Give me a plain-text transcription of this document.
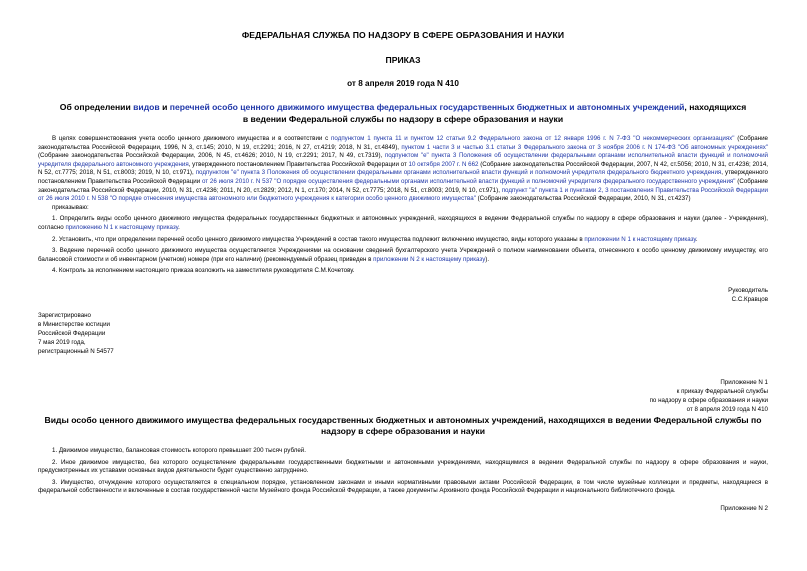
ФЕДЕРАЛЬНАЯ СЛУЖБА ПО НАДЗОРУ В СФЕРЕ ОБРАЗОВАНИЯ И НАУКИ
ПРИКАЗ
от 8 апреля 2019 года N 410
Об определении видов и перечней особо ценного движимого имущества федеральных государственных бюджетных и автономных учреждений, находящихся в ведении Федеральной службы по надзору в сфере образования и науки

В целях совершенствования учета особо ценного движимого имущества и в соответствии с подпунктом 1 пункта 11 и пунктом 12 статьи 9.2 Федерального закона от 12 января 1996 г. N 7-ФЗ "О некоммерческих организациях" (Собрание законодательства Российской Федерации, 1996, N 3, ст.145; 2010, N 19, ст.2291; 2016, N 27, ст.4219; 2018, N 31, ст.4849), пунктом 1 части 3 и частью 3.1 статьи 3 Федерального закона от 3 ноября 2006 г. N 174-ФЗ "Об автономных учреждениях" (Собрание законодательства Российской Федерации, 2006, N 45, ст.4626; 2010, N 19, ст.2291; 2017, N 49, ст.7319), подпунктом "е" пункта 3 Положения об осуществлении федеральными органами исполнительной власти функций и полномочий учредителя федерального автономного учреждения, утвержденного постановлением Правительства Российской Федерации от 10 октября 2007 г. N 662 (Собрание законодательства Российской Федерации, 2007, N 42, ст.5056; 2010, N 31, ст.4236; 2014, N 52, ст.7775; 2018, N 51, ст.8003; 2019, N 10, ст.971), подпунктом "е" пункта 3 Положения об осуществлении федеральными органами исполнительной власти функций и полномочий учредителя федерального бюджетного учреждения, утвержденного постановлением Правительства Российской Федерации от 26 июля 2010 г. N 537 "О порядке осуществления федеральными органами исполнительной власти функций и полномочий учредителя федерального государственного учреждения" (Собрание законодательства Российской Федерации, 2010, N 31, ст.4236; 2011, N 20, ст.2829; 2012, N 1, ст.170; 2014, N 52, ст.7775; 2018, N 51, ст.8003; 2019, N 10, ст.971), подпункт "а" пункта 1 и пунктами 2, 3 постановления Правительства Российской Федерации от 26 июля 2010 г. N 538 "О порядке отнесения имущества автономного или бюджетного учреждения к категории особо ценного движимого имущества" (Собрание законодательства Российской Федерации, 2010, N 31, ст.4237)

приказываю:

1. Определить виды особо ценного движимого имущества федеральных государственных бюджетных и автономных учреждений, находящихся в ведении Федеральной службы по надзору в сфере образования и науки (далее - Учреждения), согласно приложению N 1 к настоящему приказу.

2. Установить, что при определении перечней особо ценного движимого имущества Учреждений в состав такого имущества подлежит включению имущество, виды которого указаны в приложении N 1 к настоящему приказу.

3. Ведение перечней особо ценного движимого имущества осуществляется Учреждениями на основании сведений бухгалтерского учета Учреждений о полном наименовании объекта, отнесенного к особо ценному движимому имуществу, его балансовой стоимости и об инвентарном (учетном) номере (при его наличии) (рекомендуемый образец приведен в приложении N 2 к настоящему приказу).

4. Контроль за исполнением настоящего приказа возложить на заместителя руководителя С.М.Кочетову.

Руководитель
С.С.Кравцов
Зарегистрировано
в Министерстве юстиции
Российской Федерации
7 мая 2019 года,
регистрационный N 54577
Приложение N 1
к приказу Федеральной службы
по надзору в сфере образования и науки
от 8 апреля 2019 года N 410
Виды особо ценного движимого имущества федеральных государственных бюджетных и автономных учреждений, находящихся в ведении Федеральной службы по надзору в сфере образования и науки

1. Движимое имущество, балансовая стоимость которого превышает 200 тысяч рублей.

2. Иное движимое имущество, без которого осуществление федеральными государственными бюджетными и автономными учреждениями, находящимися в ведении Федеральной службы по надзору в сфере образования и науки, предусмотренных их уставами основных видов деятельности будет существенно затруднено.

3. Имущество, отчуждение которого осуществляется в специальном порядке, установленном законами и иными нормативными правовыми актами Российской Федерации, в том числе музейные коллекции и предметы, находящиеся в федеральной собственности и включенные в состав государственной части Музейного фонда Российской Федерации, а также документы Архивного фонда Российской Федерации и национального библиотечного фонда.

Приложение N 2
